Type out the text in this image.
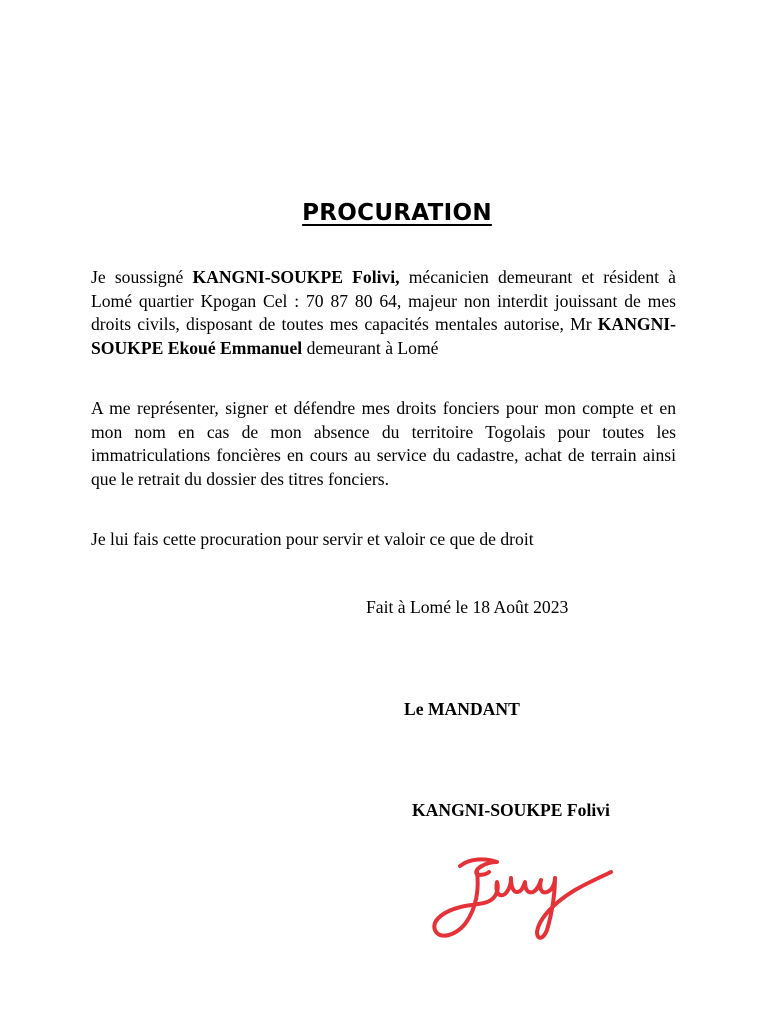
PROCURATION
Je soussigné KANGNI-SOUKPE Folivi, mécanicien demeurant et résident à Lomé quartier Kpogan Cel : 70 87 80 64, majeur non interdit jouissant de mes droits civils, disposant de toutes mes capacités mentales autorise, Mr KANGNI-SOUKPE Ekoué Emmanuel demeurant à Lomé
A me représenter, signer et défendre mes droits fonciers pour mon compte et en mon nom en cas de mon absence du territoire Togolais pour toutes les immatriculations foncières en cours au service du cadastre, achat de terrain ainsi que le retrait du dossier des titres fonciers.
Je lui fais cette procuration pour servir et valoir ce que de droit
Fait à Lomé le 18 Août 2023
Le MANDANT
KANGNI-SOUKPE Folivi
